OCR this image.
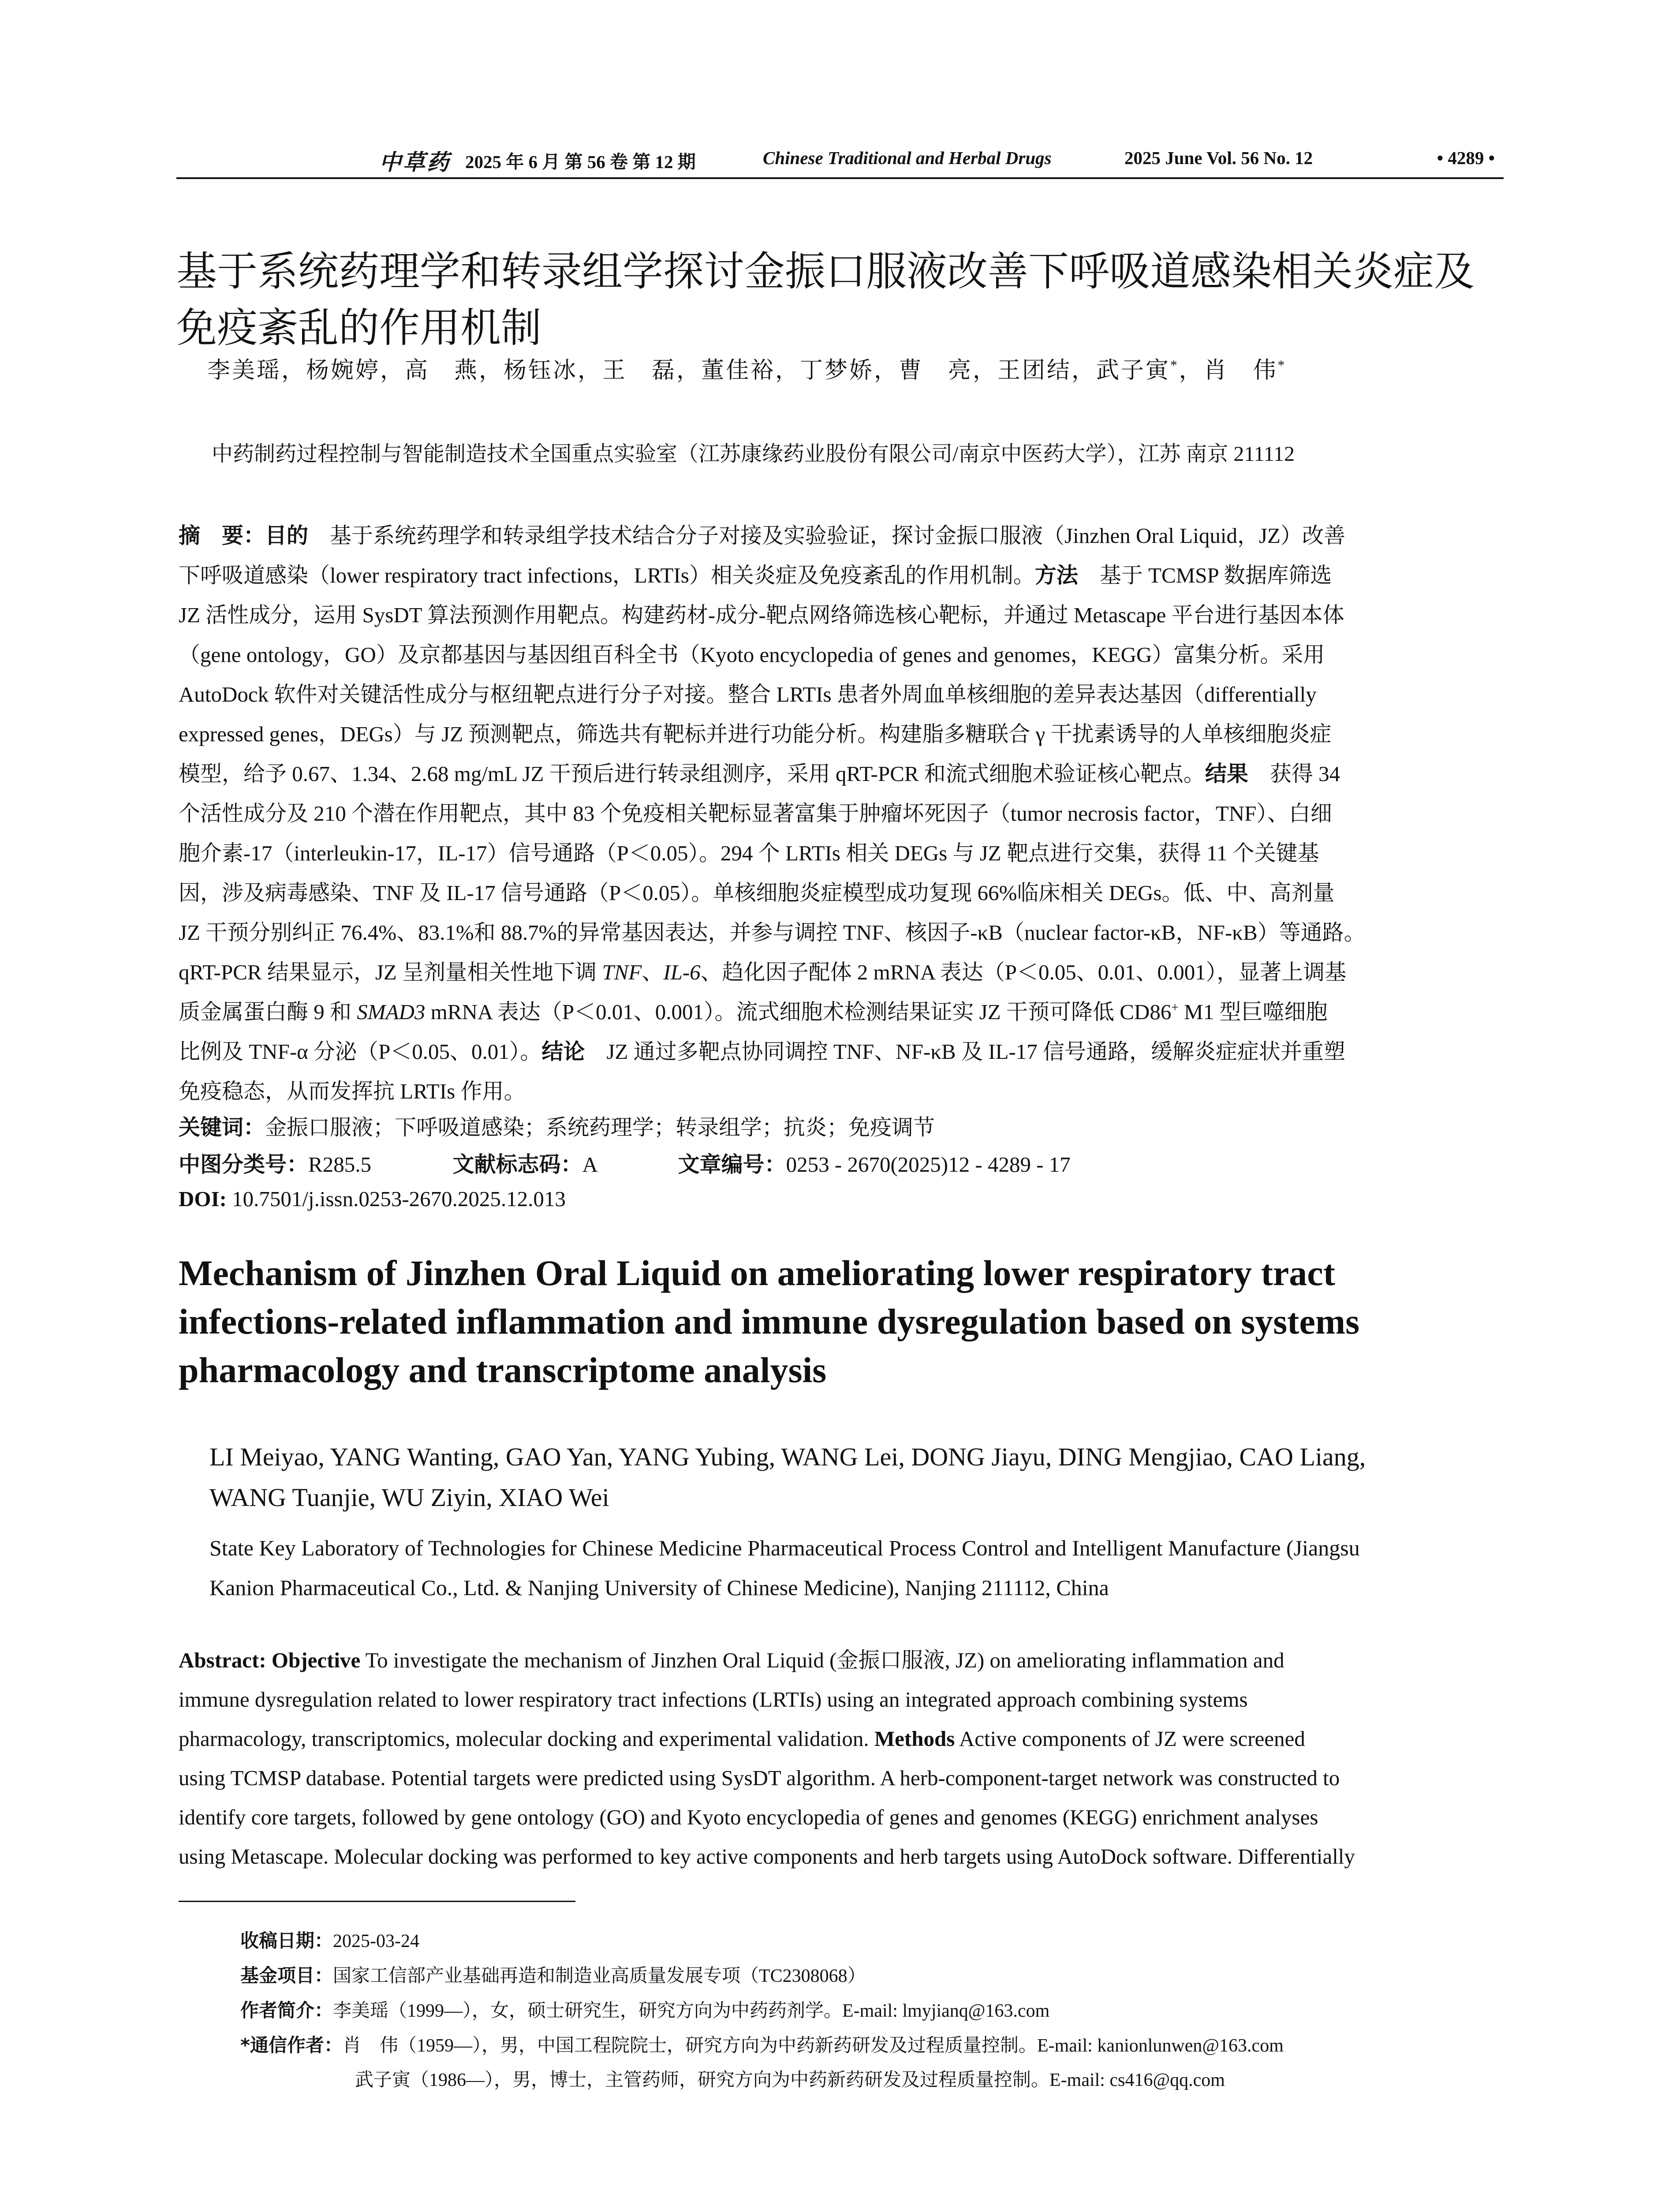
中草药 2025 年 6 月 第 56 卷 第 12 期	Chinese Traditional and Herbal Drugs	2025 June Vol. 56 No. 12	• 4289 •
基于系统药理学和转录组学探讨金振口服液改善下呼吸道感染相关炎症及
免疫紊乱的作用机制
李美瑶，杨婉婷，高　燕，杨钰冰，王　磊，董佳裕，丁梦娇，曹　亮，王团结，武子寅*，肖　伟*
中药制药过程控制与智能制造技术全国重点实验室（江苏康缘药业股份有限公司/南京中医药大学），江苏 南京 211112
摘　要：目的　 基于系统药理学和转录组学技术结合分子对接及实验验证，探讨金振口服液（Jinzhen Oral Liquid，JZ）改善
下呼吸道感染（lower respiratory tract infections，LRTIs）相关炎症及免疫紊乱的作用机制。方法　基于 TCMSP 数据库筛选
JZ 活性成分，运用 SysDT 算法预测作用靶点。构建药材-成分-靶点网络筛选核心靶标，并通过 Metascape 平台进行基因本体
（gene ontology，GO）及京都基因与基因组百科全书（Kyoto encyclopedia of genes and genomes，KEGG）富集分析。采用
AutoDock 软件对关键活性成分与枢纽靶点进行分子对接。整合 LRTIs 患者外周血单核细胞的差异表达基因（differentially
expressed genes，DEGs）与 JZ 预测靶点，筛选共有靶标并进行功能分析。构建脂多糖联合 γ 干扰素诱导的人单核细胞炎症
模型，给予 0.67、1.34、2.68 mg/mL JZ 干预后进行转录组测序，采用 qRT-PCR 和流式细胞术验证核心靶点。结果　获得 34
个活性成分及 210 个潜在作用靶点，其中 83 个免疫相关靶标显著富集于肿瘤坏死因子（tumor necrosis factor，TNF）、白细
胞介素-17（interleukin-17，IL-17）信号通路（P＜0.05）。294 个 LRTIs 相关 DEGs 与 JZ 靶点进行交集，获得 11 个关键基
因，涉及病毒感染、TNF 及 IL-17 信号通路（P＜0.05）。单核细胞炎症模型成功复现 66%临床相关 DEGs。低、中、高剂量
JZ 干预分别纠正 76.4%、83.1%和 88.7%的异常基因表达，并参与调控 TNF、核因子-κB（nuclear factor-κB，NF-κB）等通路。
qRT-PCR 结果显示，JZ 呈剂量相关性地下调 TNF、IL-6、趋化因子配体 2 mRNA 表达（P＜0.05、0.01、0.001），显著上调基
质金属蛋白酶 9 和 SMAD3 mRNA 表达（P＜0.01、0.001）。流式细胞术检测结果证实 JZ 干预可降低 CD86+ M1 型巨噬细胞
比例及 TNF-α 分泌（P＜0.05、0.01）。结论　JZ 通过多靶点协同调控 TNF、NF-κB 及 IL-17 信号通路，缓解炎症症状并重塑
免疫稳态，从而发挥抗 LRTIs 作用。
关键词：金振口服液；下呼吸道感染；系统药理学；转录组学；抗炎；免疫调节
中图分类号：R285.5	文献标志码：A	文章编号：0253 - 2670(2025)12 - 4289 - 17
DOI: 10.7501/j.issn.0253-2670.2025.12.013
Mechanism of Jinzhen Oral Liquid on ameliorating lower respiratory tract
infections-related inflammation and immune dysregulation based on systems
pharmacology and transcriptome analysis
LI Meiyao, YANG Wanting, GAO Yan, YANG Yubing, WANG Lei, DONG Jiayu, DING Mengjiao, CAO Liang,
WANG Tuanjie, WU Ziyin, XIAO Wei
State Key Laboratory of Technologies for Chinese Medicine Pharmaceutical Process Control and Intelligent Manufacture (Jiangsu
Kanion Pharmaceutical Co., Ltd. & Nanjing University of Chinese Medicine), Nanjing 211112, China
Abstract: Objective To investigate the mechanism of Jinzhen Oral Liquid (金振口服液, JZ) on ameliorating inflammation and
immune dysregulation related to lower respiratory tract infections (LRTIs) using an integrated approach combining systems
pharmacology, transcriptomics, molecular docking and experimental validation. Methods Active components of JZ were screened
using TCMSP database. Potential targets were predicted using SysDT algorithm. A herb-component-target network was constructed to
identify core targets, followed by gene ontology (GO) and Kyoto encyclopedia of genes and genomes (KEGG) enrichment analyses
using Metascape. Molecular docking was performed to key active components and herb targets using AutoDock software. Differentially
收稿日期：2025-03-24
基金项目：国家工信部产业基础再造和制造业高质量发展专项（TC2308068）
作者简介：李美瑶（1999—），女，硕士研究生，研究方向为中药药剂学。E-mail: lmyjianq@163.com
*通信作者：肖　伟（1959—），男，中国工程院院士，研究方向为中药新药研发及过程质量控制。E-mail: kanionlunwen@163.com
武子寅（1986—），男，博士，主管药师，研究方向为中药新药研发及过程质量控制。E-mail: cs416@qq.com
